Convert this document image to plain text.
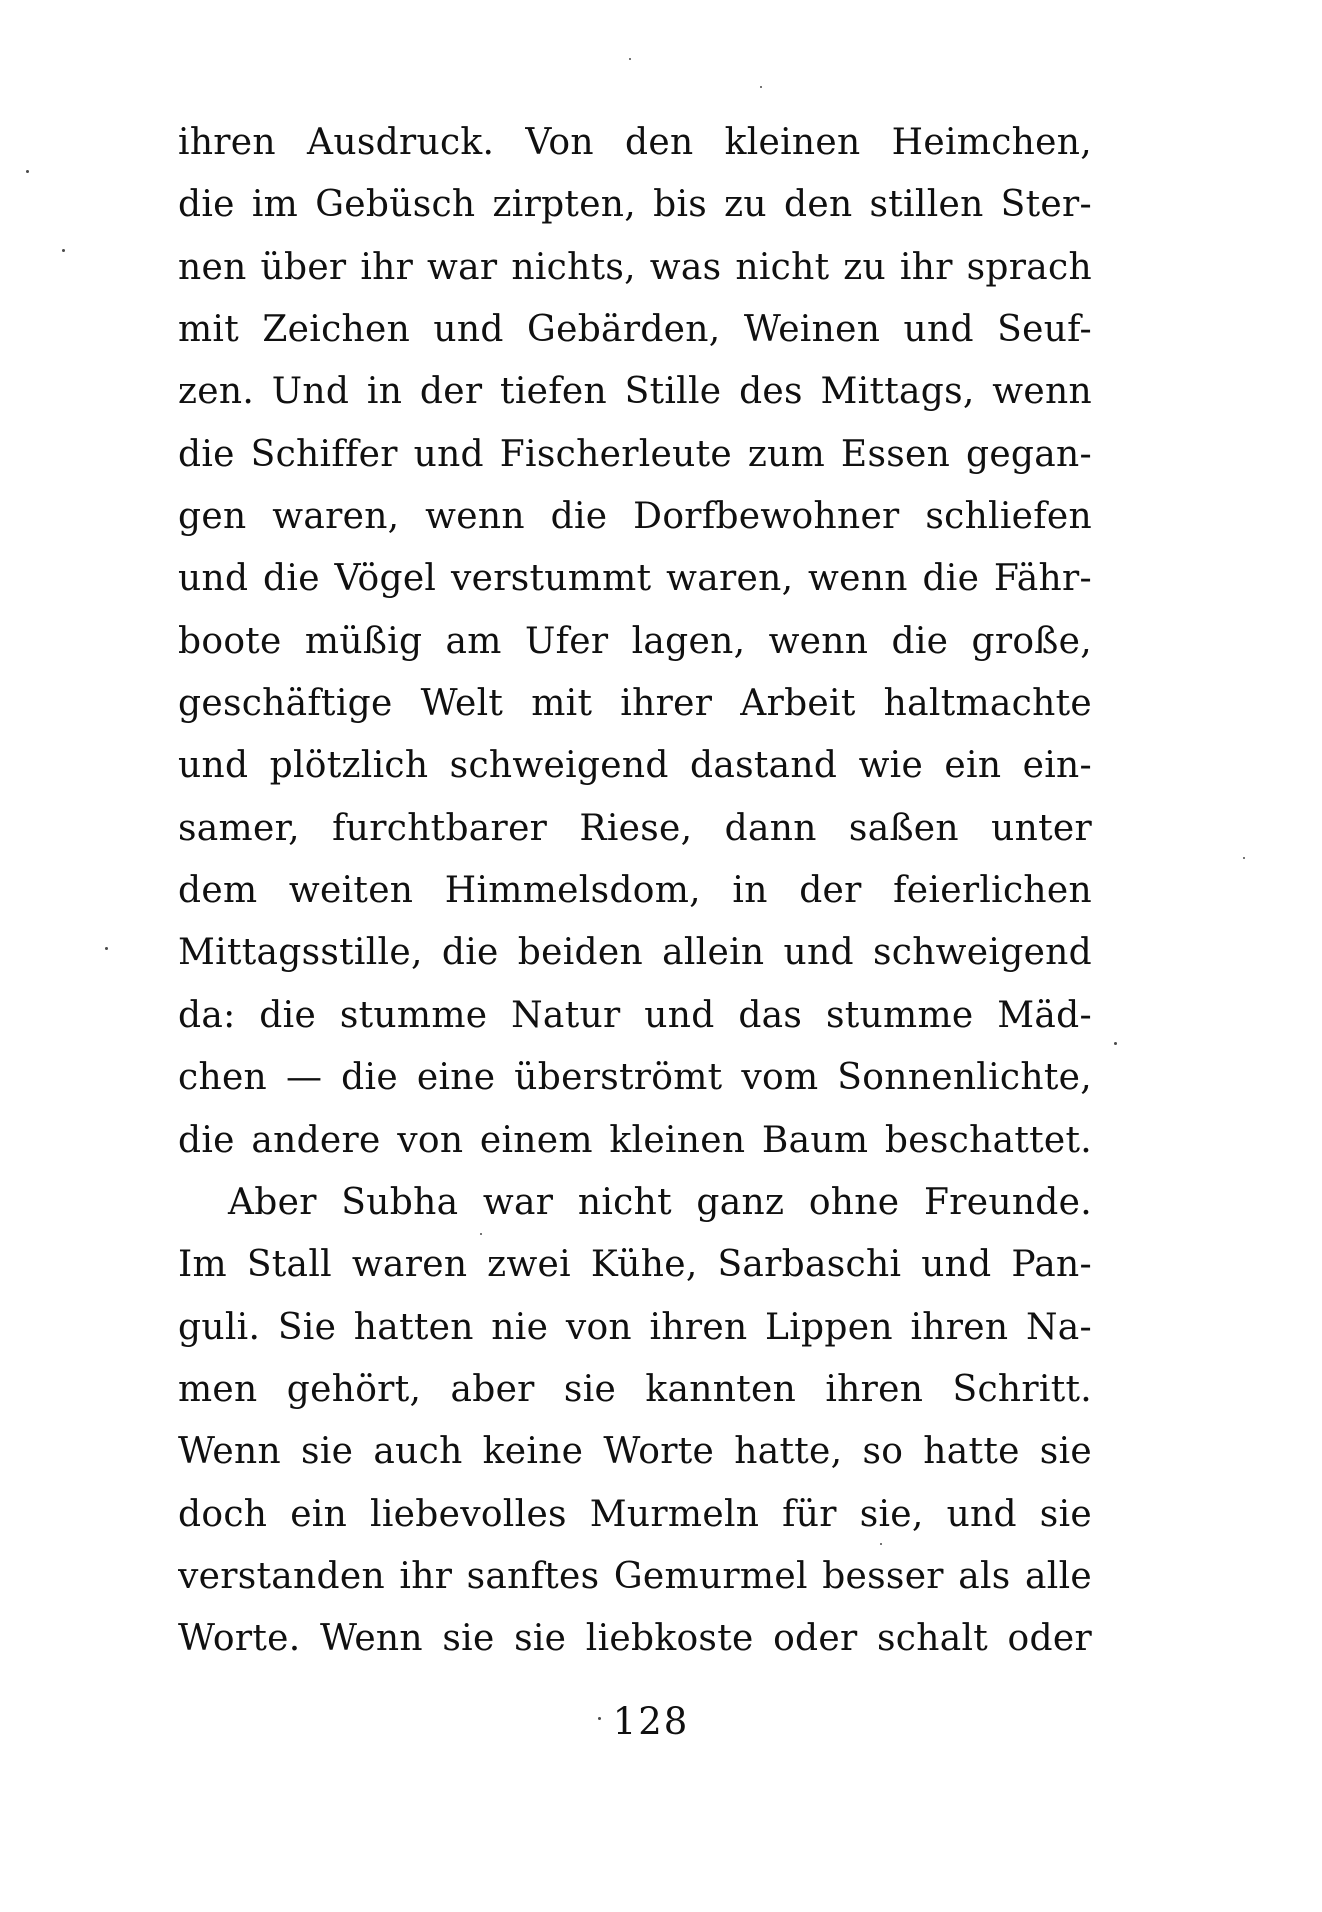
ihren Ausdruck. Von den kleinen Heimchen,

die im Gebüsch zirpten, bis zu den stillen Ster-

nen über ihr war nichts, was nicht zu ihr sprach

mit Zeichen und Gebärden, Weinen und Seuf-

zen. Und in der tiefen Stille des Mittags, wenn

die Schiffer und Fischerleute zum Essen gegan-

gen waren, wenn die Dorfbewohner schliefen

und die Vögel verstummt waren, wenn die Fähr-

boote müßig am Ufer lagen, wenn die große,

geschäftige Welt mit ihrer Arbeit haltmachte

und plötzlich schweigend dastand wie ein ein-

samer, furchtbarer Riese, dann saßen unter

dem weiten Himmelsdom, in der feierlichen

Mittagsstille, die beiden allein und schweigend

da: die stumme Natur und das stumme Mäd-

chen — die eine überströmt vom Sonnenlichte,

die andere von einem kleinen Baum beschattet.

Aber Subha war nicht ganz ohne Freunde.

Im Stall waren zwei Kühe, Sarbaschi und Pan-

guli. Sie hatten nie von ihren Lippen ihren Na-

men gehört, aber sie kannten ihren Schritt.

Wenn sie auch keine Worte hatte, so hatte sie

doch ein liebevolles Murmeln für sie, und sie

verstanden ihr sanftes Gemurmel besser als alle

Worte. Wenn sie sie liebkoste oder schalt oder

128
